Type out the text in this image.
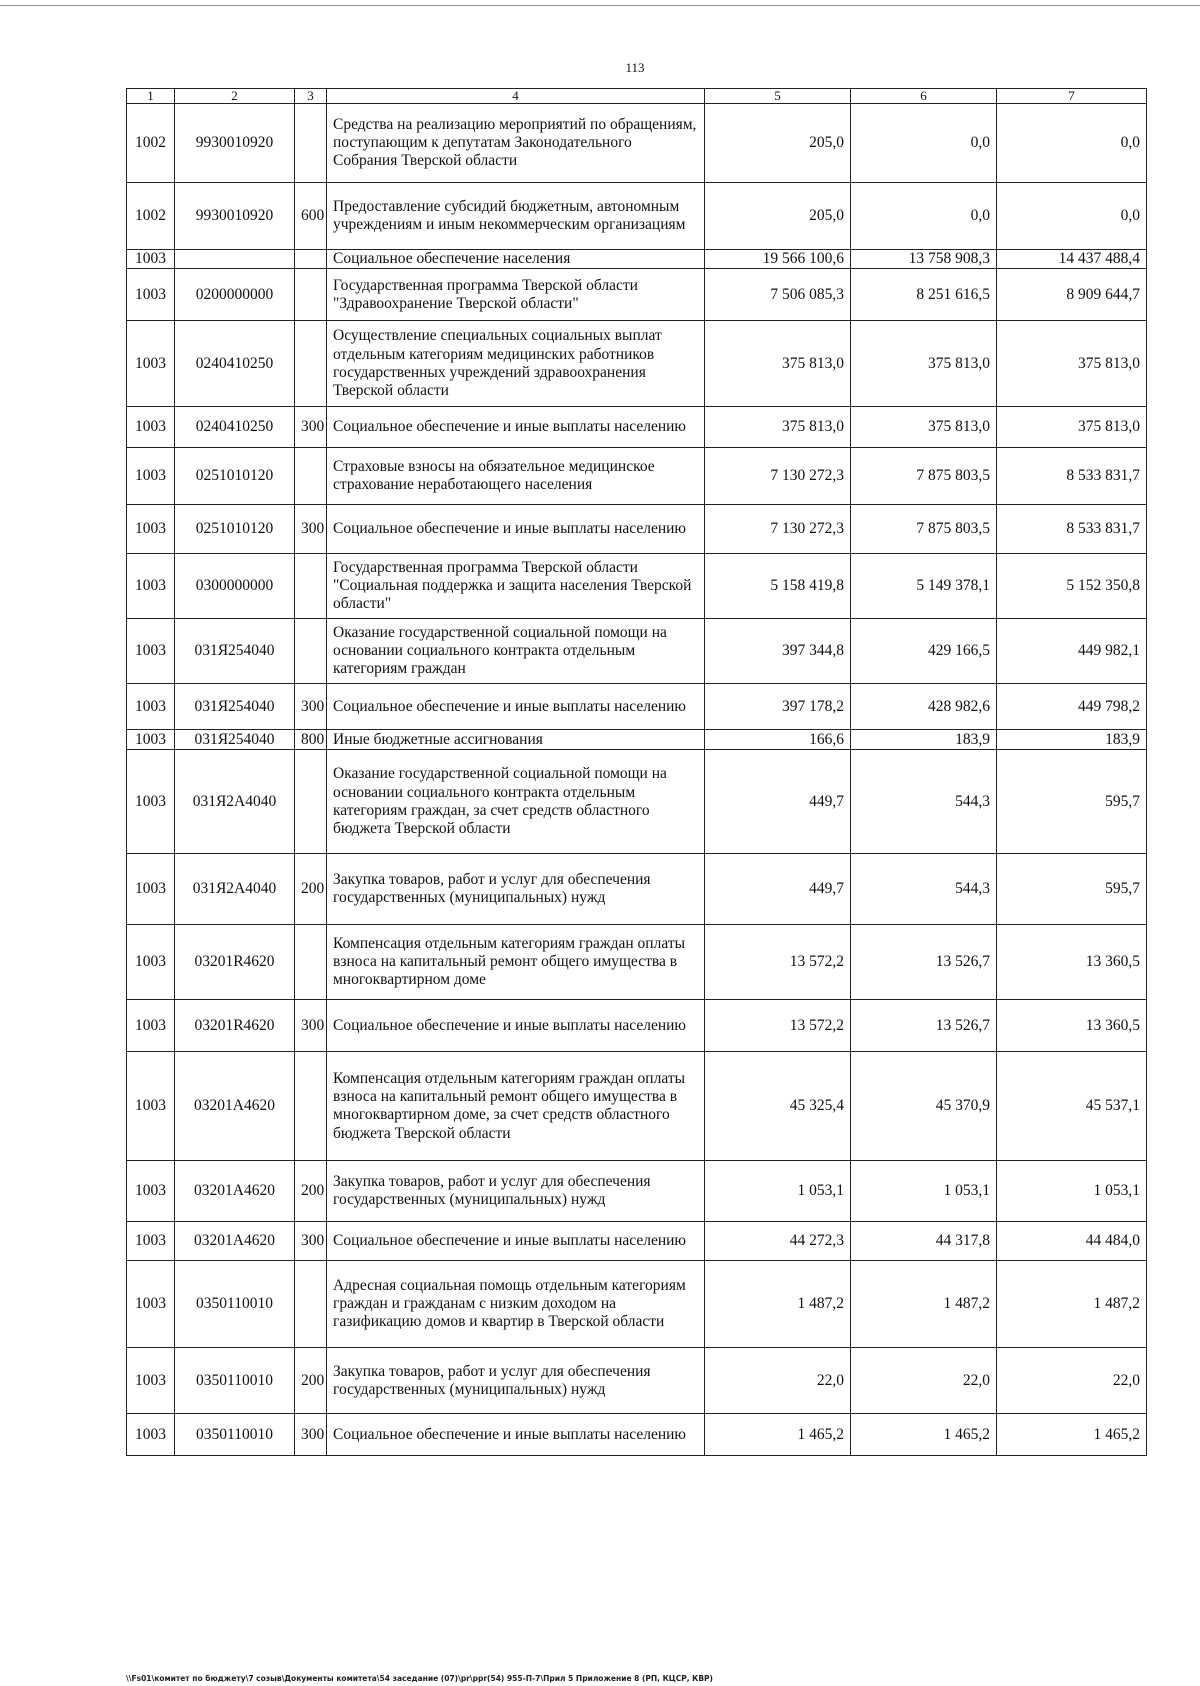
113
1	2	3	4	5	6	7
1002	9930010920		Средства на реализацию мероприятий по обращениям, поступающим к депутатам Законодательного Собрания Тверской области	205,0	0,0	0,0
1002	9930010920	600	Предоставление субсидий бюджетным, автономным учреждениям и иным некоммерческим организациям	205,0	0,0	0,0
1003			Социальное обеспечение населения	19 566 100,6	13 758 908,3	14 437 488,4
1003	0200000000		Государственная программа Тверской области "Здравоохранение Тверской области"	7 506 085,3	8 251 616,5	8 909 644,7
1003	0240410250		Осуществление специальных социальных выплат отдельным категориям медицинских работников государственных учреждений здравоохранения Тверской области	375 813,0	375 813,0	375 813,0
1003	0240410250	300	Социальное обеспечение и иные выплаты населению	375 813,0	375 813,0	375 813,0
1003	0251010120		Страховые взносы на обязательное медицинское страхование неработающего населения	7 130 272,3	7 875 803,5	8 533 831,7
1003	0251010120	300	Социальное обеспечение и иные выплаты населению	7 130 272,3	7 875 803,5	8 533 831,7
1003	0300000000		Государственная программа Тверской области "Социальная поддержка и защита населения Тверской области"	5 158 419,8	5 149 378,1	5 152 350,8
1003	031Я254040		Оказание государственной социальной помощи на основании социального контракта отдельным категориям граждан	397 344,8	429 166,5	449 982,1
1003	031Я254040	300	Социальное обеспечение и иные выплаты населению	397 178,2	428 982,6	449 798,2
1003	031Я254040	800	Иные бюджетные ассигнования	166,6	183,9	183,9
1003	031Я2А4040		Оказание государственной социальной помощи на основании социального контракта отдельным категориям граждан, за счет средств областного бюджета Тверской области	449,7	544,3	595,7
1003	031Я2А4040	200	Закупка товаров, работ и услуг для обеспечения государственных (муниципальных) нужд	449,7	544,3	595,7
1003	03201R4620		Компенсация отдельным категориям граждан оплаты взноса на капитальный ремонт общего имущества в многоквартирном доме	13 572,2	13 526,7	13 360,5
1003	03201R4620	300	Социальное обеспечение и иные выплаты населению	13 572,2	13 526,7	13 360,5
1003	03201А4620		Компенсация отдельным категориям граждан оплаты взноса на капитальный ремонт общего имущества в многоквартирном доме, за счет средств областного бюджета Тверской области	45 325,4	45 370,9	45 537,1
1003	03201А4620	200	Закупка товаров, работ и услуг для обеспечения государственных (муниципальных) нужд	1 053,1	1 053,1	1 053,1
1003	03201А4620	300	Социальное обеспечение и иные выплаты населению	44 272,3	44 317,8	44 484,0
1003	0350110010		Адресная социальная помощь отдельным категориям граждан и гражданам с низким доходом на газификацию домов и квартир в Тверской области	1 487,2	1 487,2	1 487,2
1003	0350110010	200	Закупка товаров, работ и услуг для обеспечения государственных (муниципальных) нужд	22,0	22,0	22,0
1003	0350110010	300	Социальное обеспечение и иные выплаты населению	1 465,2	1 465,2	1 465,2
\\Fs01\комитет по бюджету\7 созыв\Документы комитета\54 заседание (07)\pr\ppr(54) 955-П-7\Прил 5 Приложение 8 (РП, КЦСР, КВР)
